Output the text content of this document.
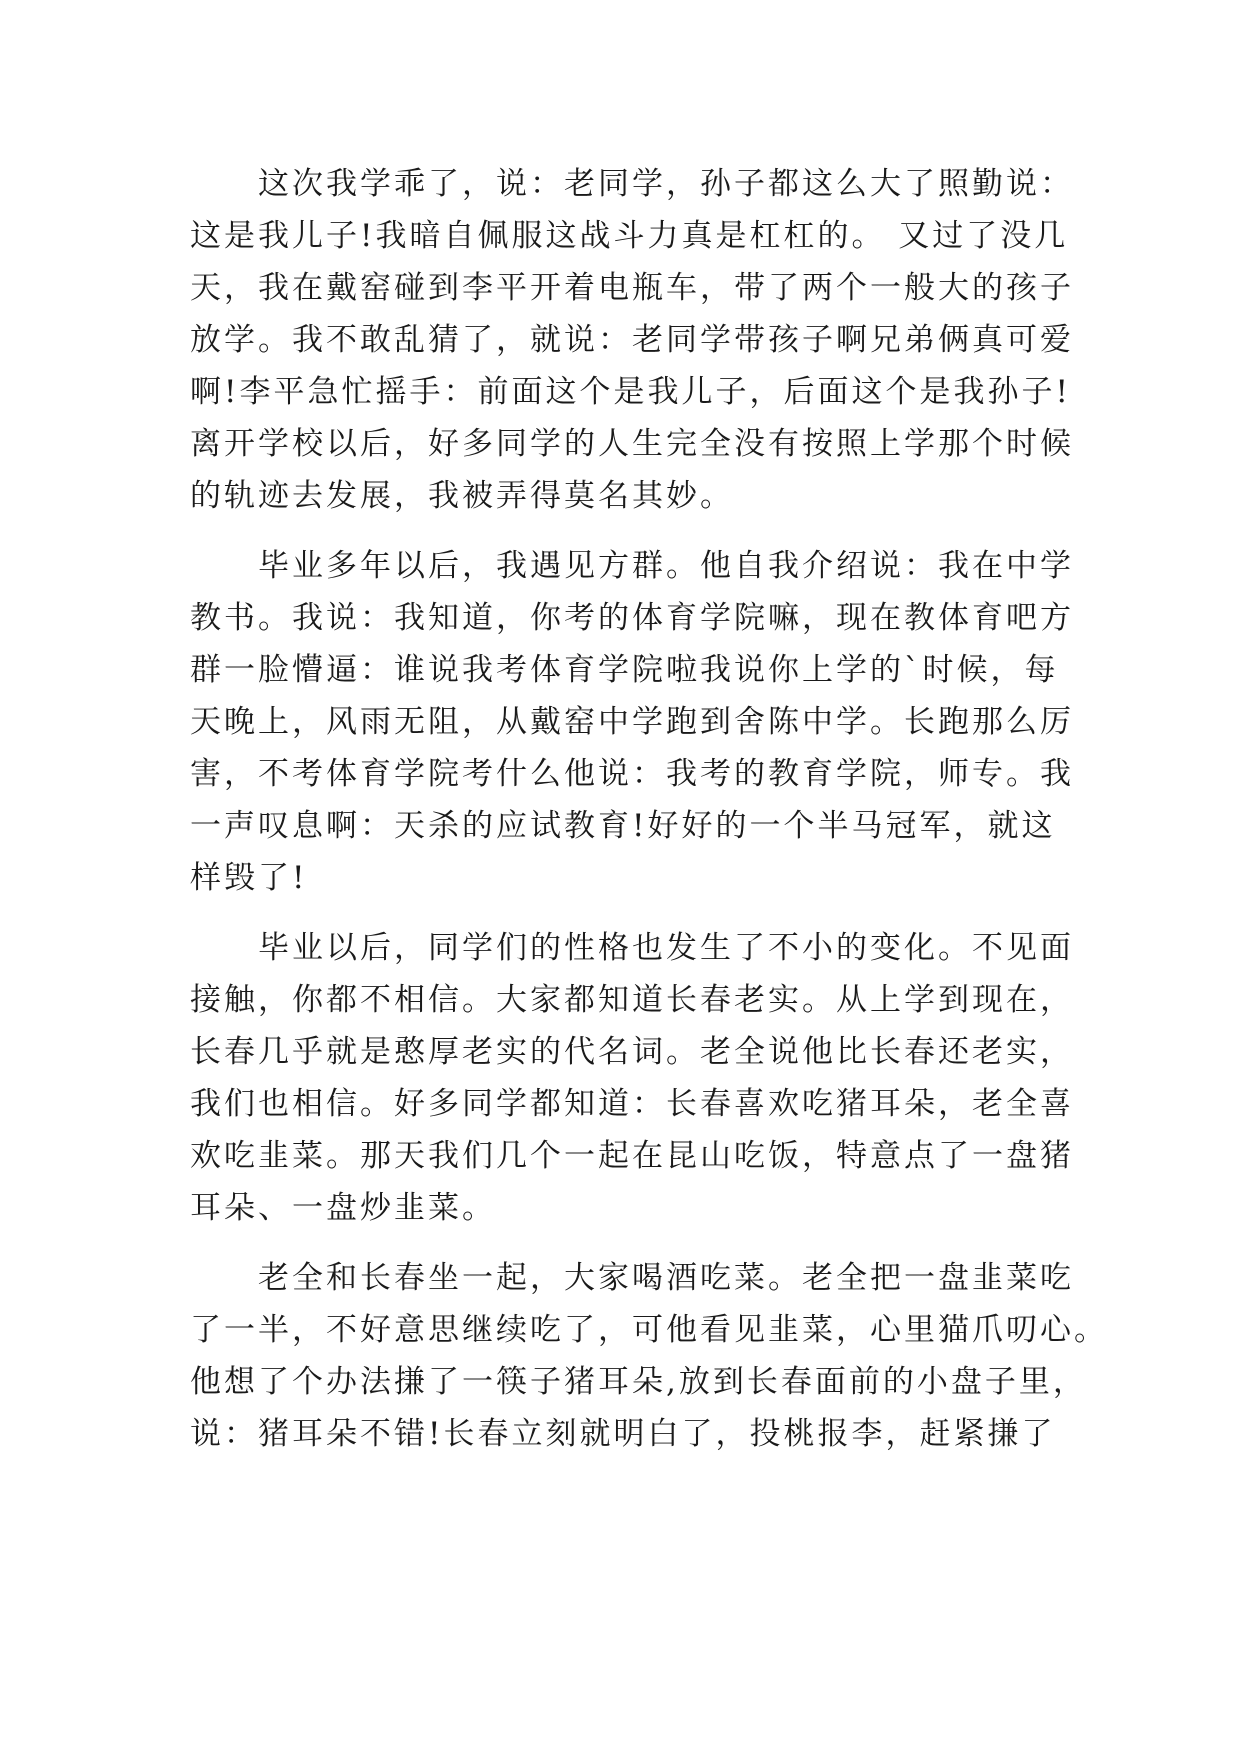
　　这次我学乖了，说：老同学，孙子都这么大了照勤说：
这是我儿子!我暗自佩服这战斗力真是杠杠的。 又过了没几
天，我在戴窑碰到李平开着电瓶车，带了两个一般大的孩子
放学。我不敢乱猜了，就说：老同学带孩子啊兄弟俩真可爱
啊!李平急忙摇手：前面这个是我儿子，后面这个是我孙子!
离开学校以后，好多同学的人生完全没有按照上学那个时候
的轨迹去发展，我被弄得莫名其妙。
　　毕业多年以后，我遇见方群。他自我介绍说：我在中学
教书。我说：我知道，你考的体育学院嘛，现在教体育吧方
群一脸懵逼：谁说我考体育学院啦我说你上学的`时候，每
天晚上，风雨无阻，从戴窑中学跑到舍陈中学。长跑那么厉
害，不考体育学院考什么他说：我考的教育学院，师专。我
一声叹息啊：天杀的应试教育!好好的一个半马冠军，就这
样毁了!
　　毕业以后，同学们的性格也发生了不小的变化。不见面
接触，你都不相信。大家都知道长春老实。从上学到现在，
长春几乎就是憨厚老实的代名词。老全说他比长春还老实，
我们也相信。好多同学都知道：长春喜欢吃猪耳朵，老全喜
欢吃韭菜。那天我们几个一起在昆山吃饭，特意点了一盘猪
耳朵、一盘炒韭菜。
　　老全和长春坐一起，大家喝酒吃菜。老全把一盘韭菜吃
了一半，不好意思继续吃了，可他看见韭菜，心里猫爪叨心。
他想了个办法搛了一筷子猪耳朵,放到长春面前的小盘子里，
说：猪耳朵不错!长春立刻就明白了，投桃报李，赶紧搛了
